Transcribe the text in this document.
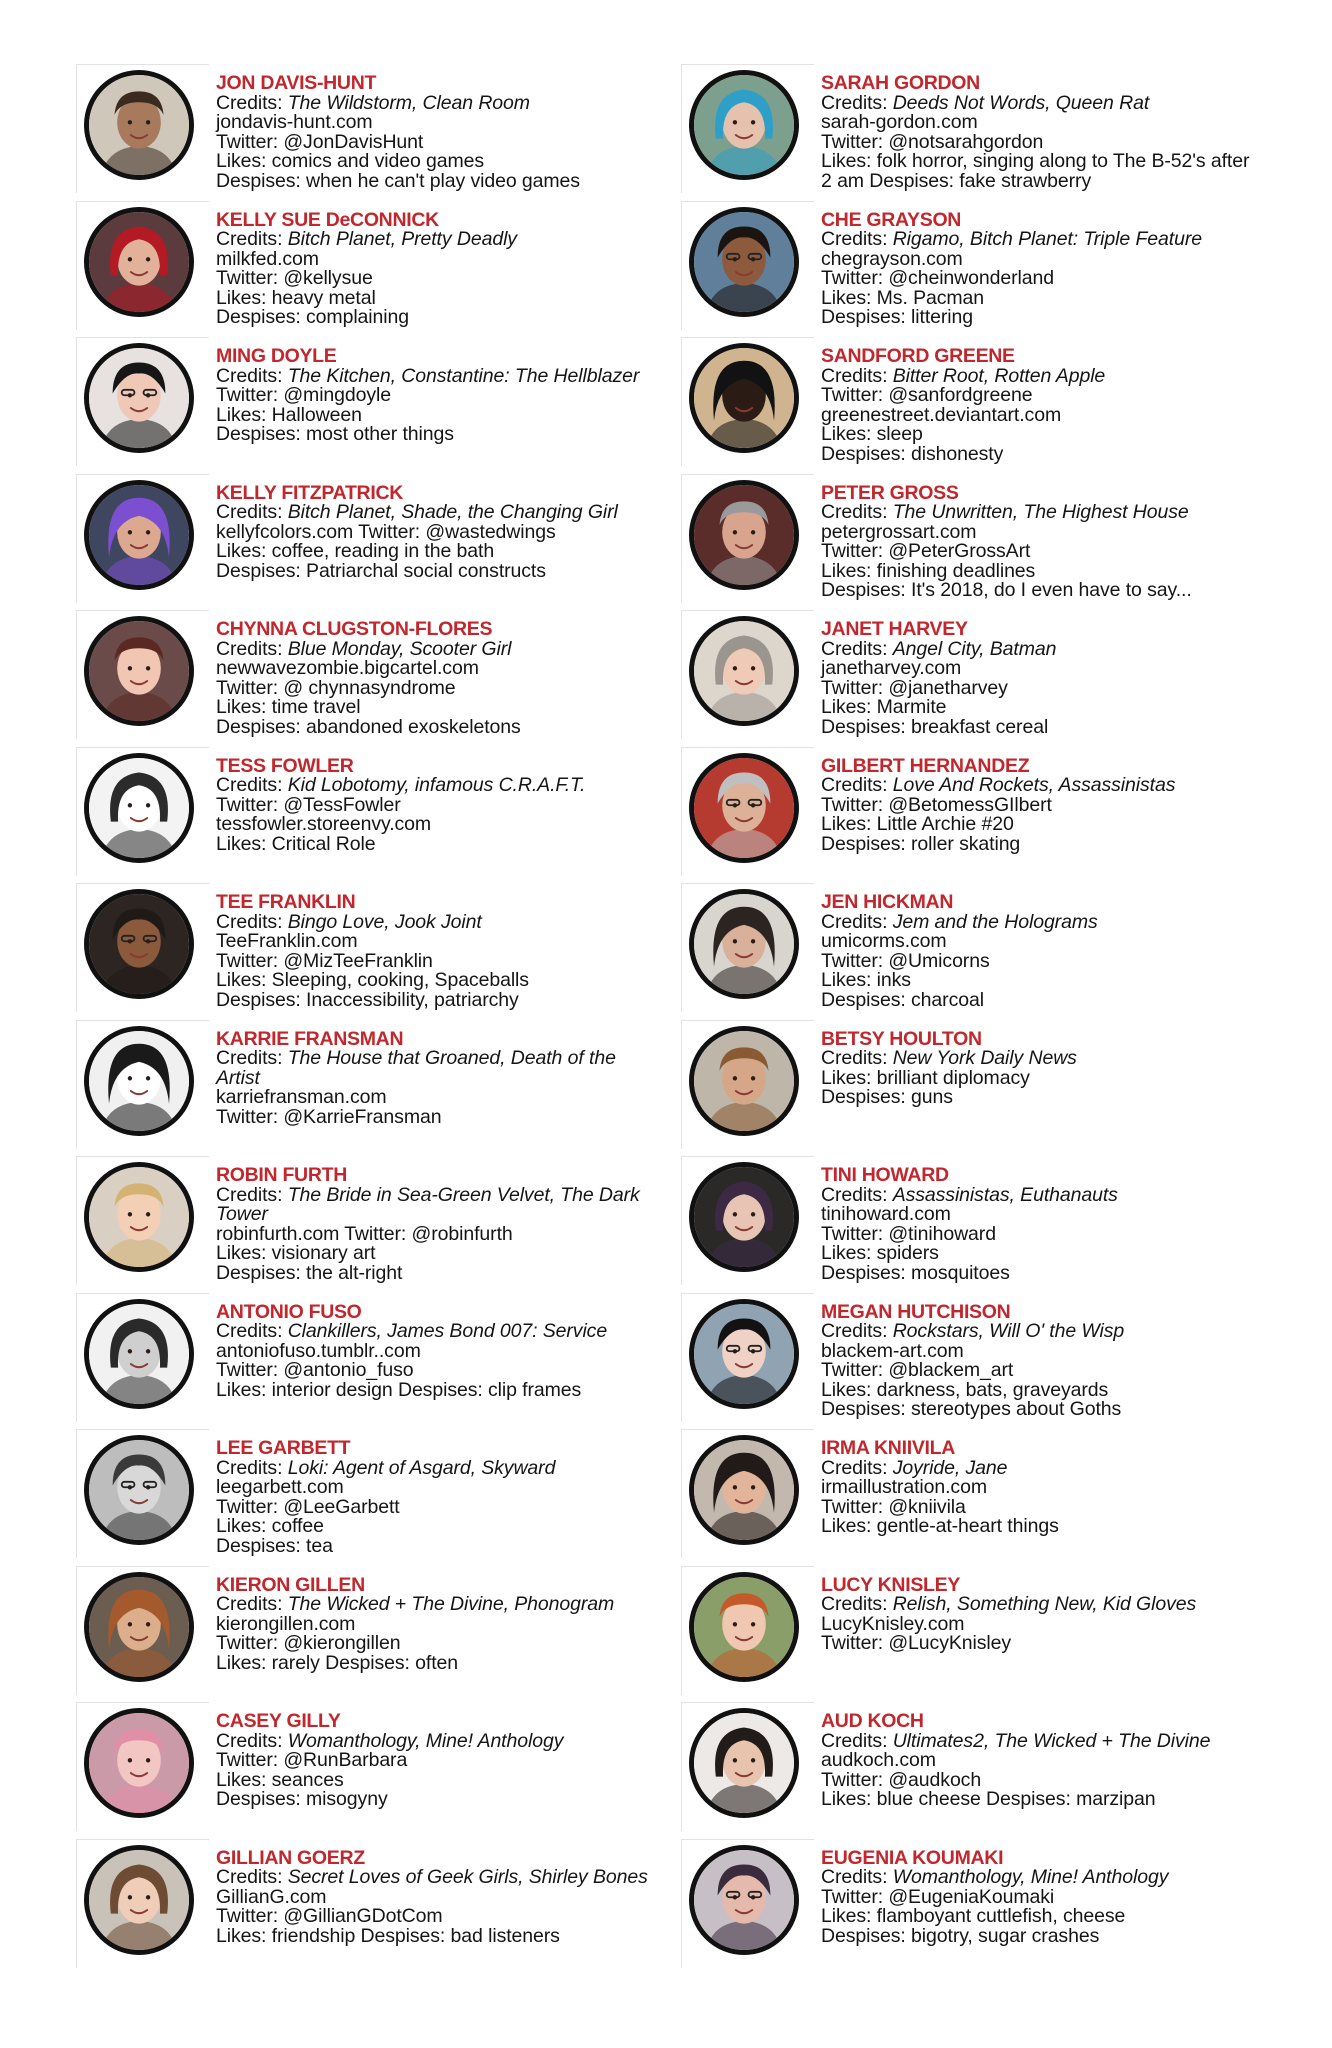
JON DAVIS-HUNT
Credits: The Wildstorm, Clean Room
jondavis-hunt.com
Twitter: @JonDavisHunt
Likes: comics and video games
Despises: when he can't play video games
KELLY SUE DeCONNICK
Credits: Bitch Planet, Pretty Deadly
milkfed.com
Twitter: @kellysue
Likes: heavy metal
Despises: complaining
MING DOYLE
Credits: The Kitchen, Constantine: The Hellblazer
Twitter: @mingdoyle
Likes: Halloween
Despises: most other things
KELLY FITZPATRICK
Credits: Bitch Planet, Shade, the Changing Girl
kellyfcolors.com Twitter: @wastedwings
Likes: coffee, reading in the bath
Despises: Patriarchal social constructs
CHYNNA CLUGSTON-FLORES
Credits: Blue Monday, Scooter Girl
newwavezombie.bigcartel.com
Twitter: @ chynnasyndrome
Likes: time travel
Despises: abandoned exoskeletons
TESS FOWLER
Credits: Kid Lobotomy, infamous C.R.A.F.T.
Twitter: @TessFowler
tessfowler.storeenvy.com
Likes: Critical Role
TEE FRANKLIN
Credits: Bingo Love, Jook Joint
TeeFranklin.com
Twitter: @MizTeeFranklin
Likes: Sleeping, cooking, Spaceballs
Despises: Inaccessibility, patriarchy
KARRIE FRANSMAN
Credits: The House that Groaned, Death of the Artist
karriefransman.com
Twitter: @KarrieFransman
ROBIN FURTH
Credits: The Bride in Sea-Green Velvet, The Dark Tower
robinfurth.com Twitter: @robinfurth
Likes: visionary art
Despises: the alt-right
ANTONIO FUSO
Credits: Clankillers, James Bond 007: Service
antoniofuso.tumblr..com
Twitter: @antonio_fuso
Likes: interior design Despises: clip frames
LEE GARBETT
Credits: Loki: Agent of Asgard, Skyward
leegarbett.com
Twitter: @LeeGarbett
Likes: coffee
Despises: tea
KIERON GILLEN
Credits: The Wicked + The Divine, Phonogram
kierongillen.com
Twitter: @kierongillen
Likes: rarely Despises: often
CASEY GILLY
Credits: Womanthology, Mine! Anthology
Twitter: @RunBarbara
Likes: seances
Despises: misogyny
GILLIAN GOERZ
Credits: Secret Loves of Geek Girls, Shirley Bones
GillianG.com
Twitter: @GillianGDotCom
Likes: friendship Despises: bad listeners
SARAH GORDON
Credits: Deeds Not Words, Queen Rat
sarah-gordon.com
Twitter: @notsarahgordon
Likes: folk horror, singing along to The B-52's after 2 am Despises: fake strawberry
CHE GRAYSON
Credits: Rigamo, Bitch Planet: Triple Feature
chegrayson.com
Twitter: @cheinwonderland
Likes: Ms. Pacman
Despises: littering
SANDFORD GREENE
Credits: Bitter Root, Rotten Apple
Twitter: @sanfordgreene
greenestreet.deviantart.com
Likes: sleep
Despises: dishonesty
PETER GROSS
Credits: The Unwritten, The Highest House
petergrossart.com
Twitter: @PeterGrossArt
Likes: finishing deadlines
Despises: It's 2018, do I even have to say...
JANET HARVEY
Credits: Angel City, Batman
janetharvey.com
Twitter: @janetharvey
Likes: Marmite
Despises: breakfast cereal
GILBERT HERNANDEZ
Credits: Love And Rockets, Assassinistas
Twitter: @BetomessGIlbert
Likes: Little Archie #20
Despises: roller skating
JEN HICKMAN
Credits: Jem and the Holograms
umicorms.com
Twitter: @Umicorns
Likes: inks
Despises: charcoal
BETSY HOULTON
Credits: New York Daily News
Likes: brilliant diplomacy
Despises: guns
TINI HOWARD
Credits: Assassinistas, Euthanauts
tinihoward.com
Twitter: @tinihoward
Likes: spiders
Despises: mosquitoes
MEGAN HUTCHISON
Credits: Rockstars, Will O' the Wisp
blackem-art.com
Twitter: @blackem_art
Likes: darkness, bats, graveyards
Despises: stereotypes about Goths
IRMA KNIIVILA
Credits: Joyride, Jane
irmaillustration.com
Twitter: @kniivila
Likes: gentle-at-heart things
LUCY KNISLEY
Credits: Relish, Something New, Kid Gloves
LucyKnisley.com
Twitter: @LucyKnisley
AUD KOCH
Credits: Ultimates2, The Wicked + The Divine
audkoch.com
Twitter: @audkoch
Likes: blue cheese Despises: marzipan
EUGENIA KOUMAKI
Credits: Womanthology, Mine! Anthology
Twitter: @EugeniaKoumaki
Likes: flamboyant cuttlefish, cheese
Despises: bigotry, sugar crashes
